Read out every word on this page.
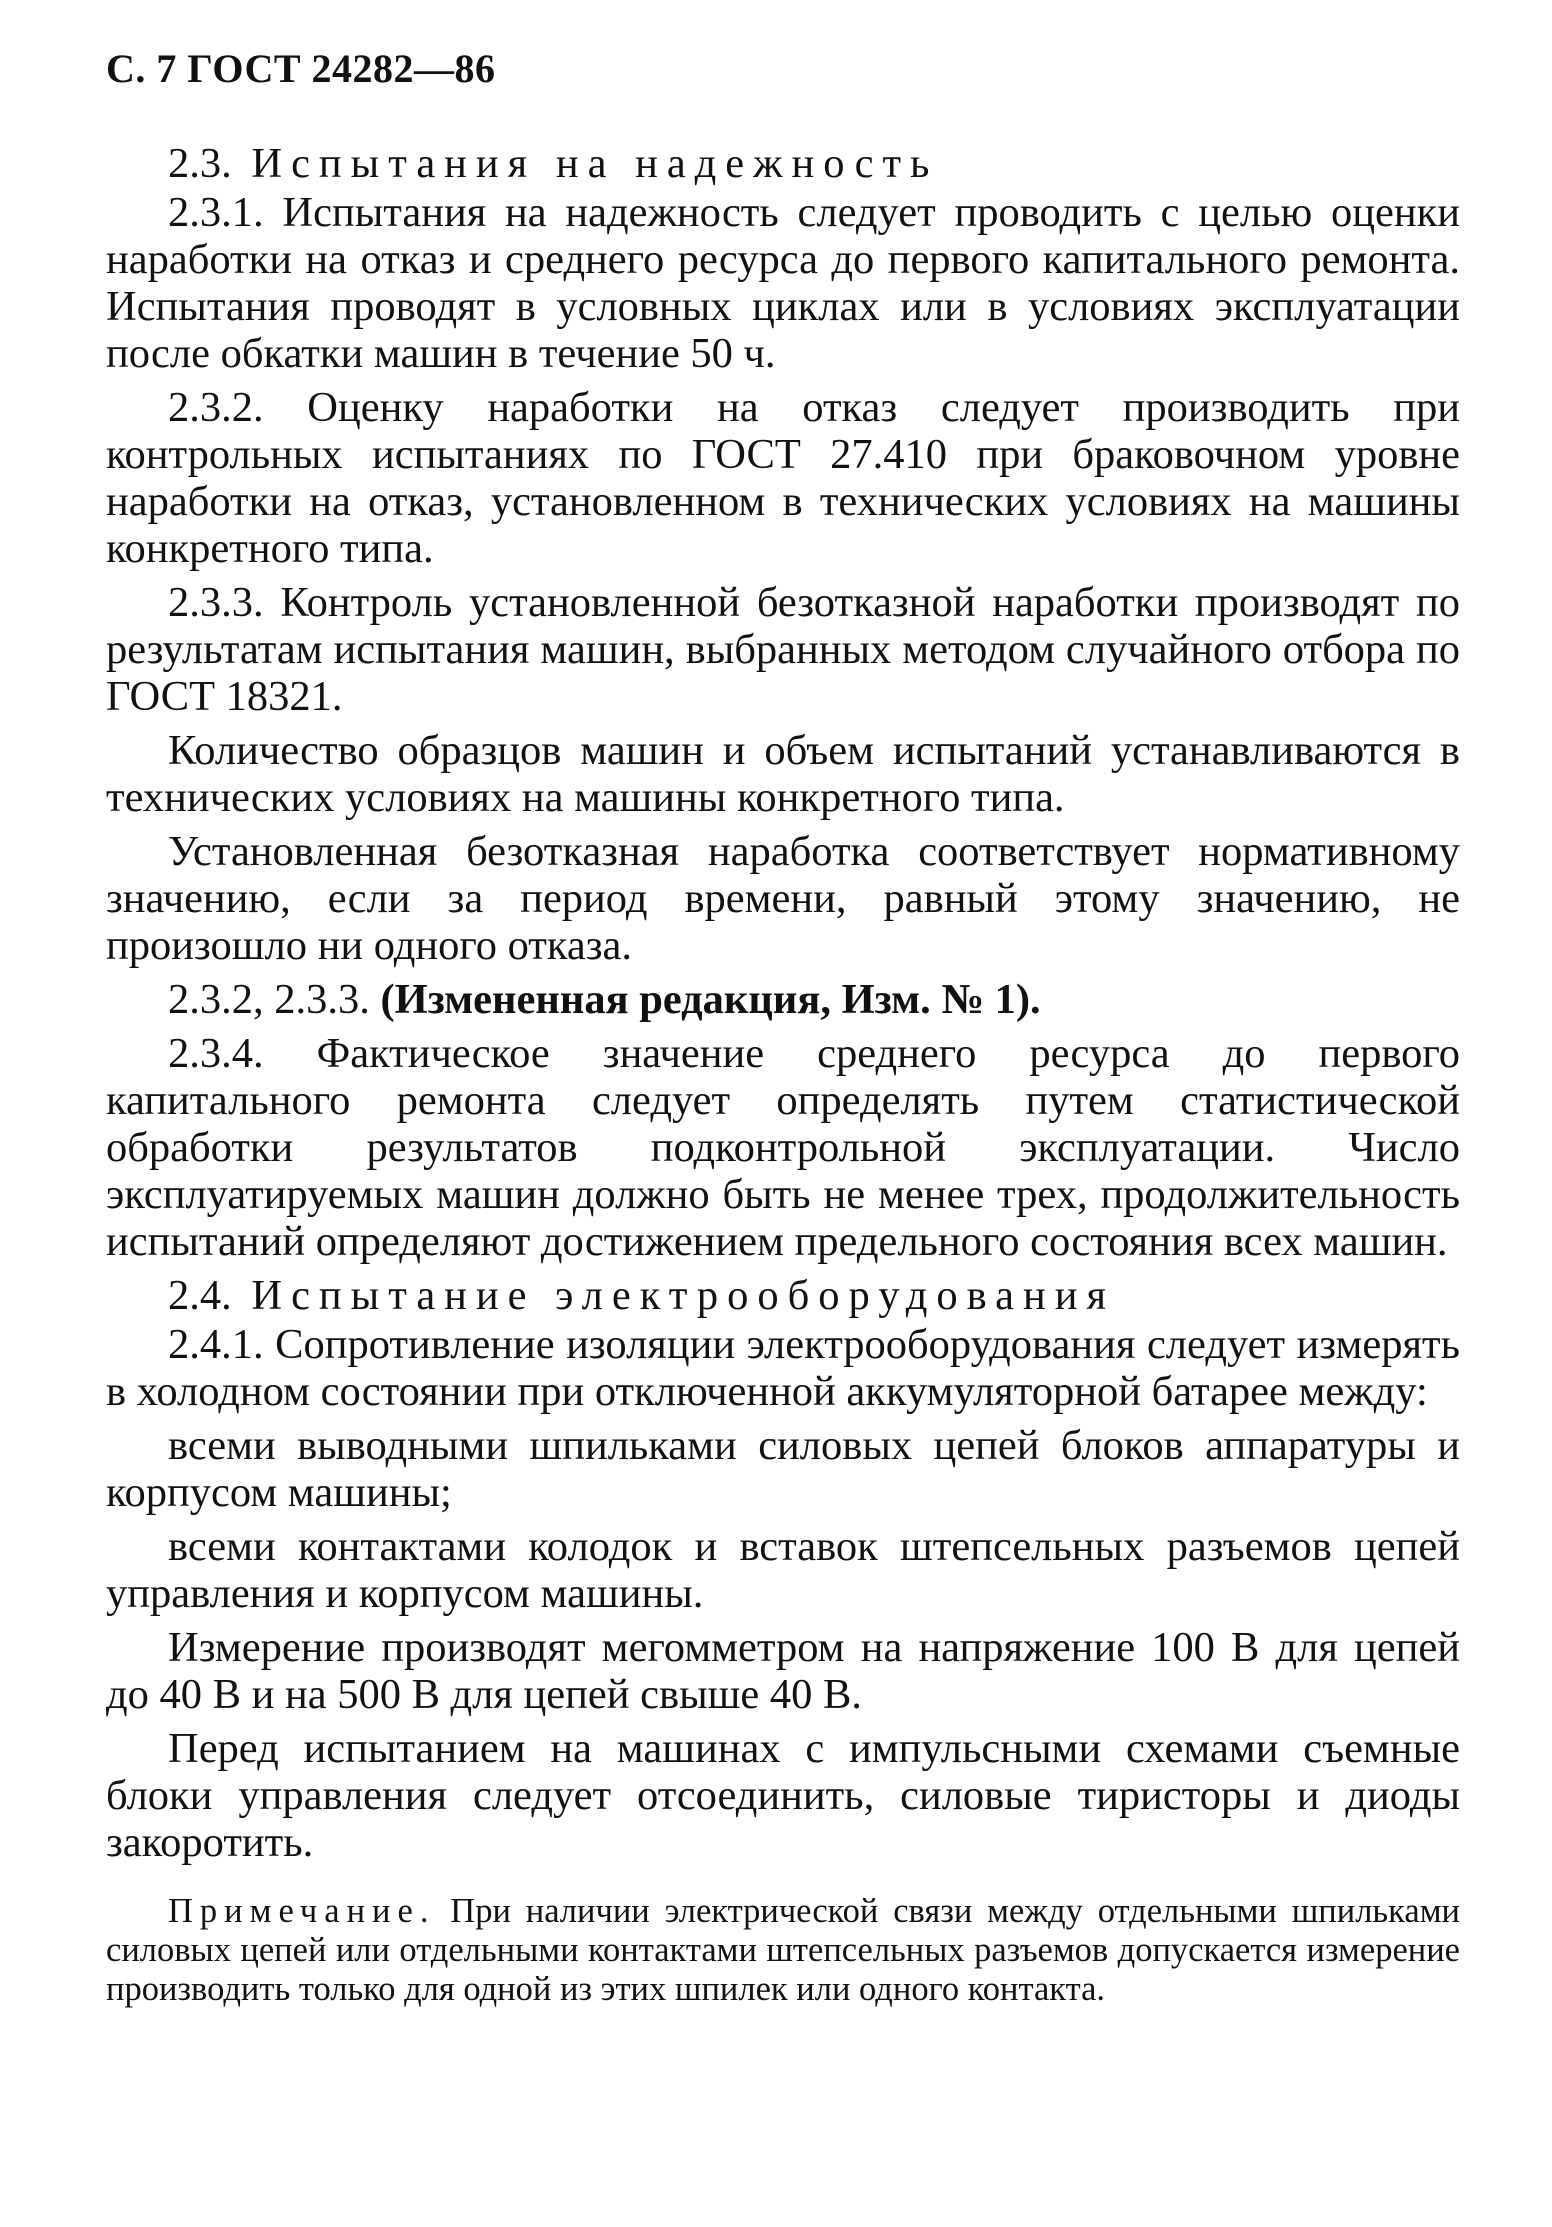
С. 7 ГОСТ 24282—86
2.3. Испытания на надежность

2.3.1. Испытания на надежность следует проводить с целью оценки наработки на отказ и среднего ресурса до первого капитального ремонта. Испытания проводят в условных циклах или в условиях эксплуатации после обкатки машин в течение 50 ч.

2.3.2. Оценку наработки на отказ следует производить при контрольных испытаниях по ГОСТ 27.410 при браковочном уровне наработки на отказ, установленном в технических условиях на машины конкретного типа.

2.3.3. Контроль установленной безотказной наработки производят по результатам испытания машин, выбранных методом случайного отбора по ГОСТ 18321.

Количество образцов машин и объем испытаний устанавливаются в технических условиях на машины конкретного типа.

Установленная безотказная наработка соответствует нормативному значению, если за период времени, равный этому значению, не произошло ни одного отказа.

2.3.2, 2.3.3. (Измененная редакция, Изм. № 1).

2.3.4. Фактическое значение среднего ресурса до первого капитального ремонта следует определять путем статистической обработки результатов подконтрольной эксплуатации. Число эксплуатируемых машин должно быть не менее трех, продолжительность испытаний определяют достижением предельного состояния всех машин.

2.4. Испытание электрооборудования

2.4.1. Сопротивление изоляции электрооборудования следует измерять в холодном состоянии при отключенной аккумуляторной батарее между:

всеми выводными шпильками силовых цепей блоков аппаратуры и корпусом машины;

всеми контактами колодок и вставок штепсельных разъемов цепей управления и корпусом машины.

Измерение производят мегомметром на напряжение 100 В для цепей до 40 В и на 500 В для цепей свыше 40 В.

Перед испытанием на машинах с импульсными схемами съемные блоки управления следует отсоединить, силовые тиристоры и диоды закоротить.

Примечание. При наличии электрической связи между отдельными шпильками силовых цепей или отдельными контактами штепсельных разъемов допускается измерение производить только для одной из этих шпилек или одного контакта.
